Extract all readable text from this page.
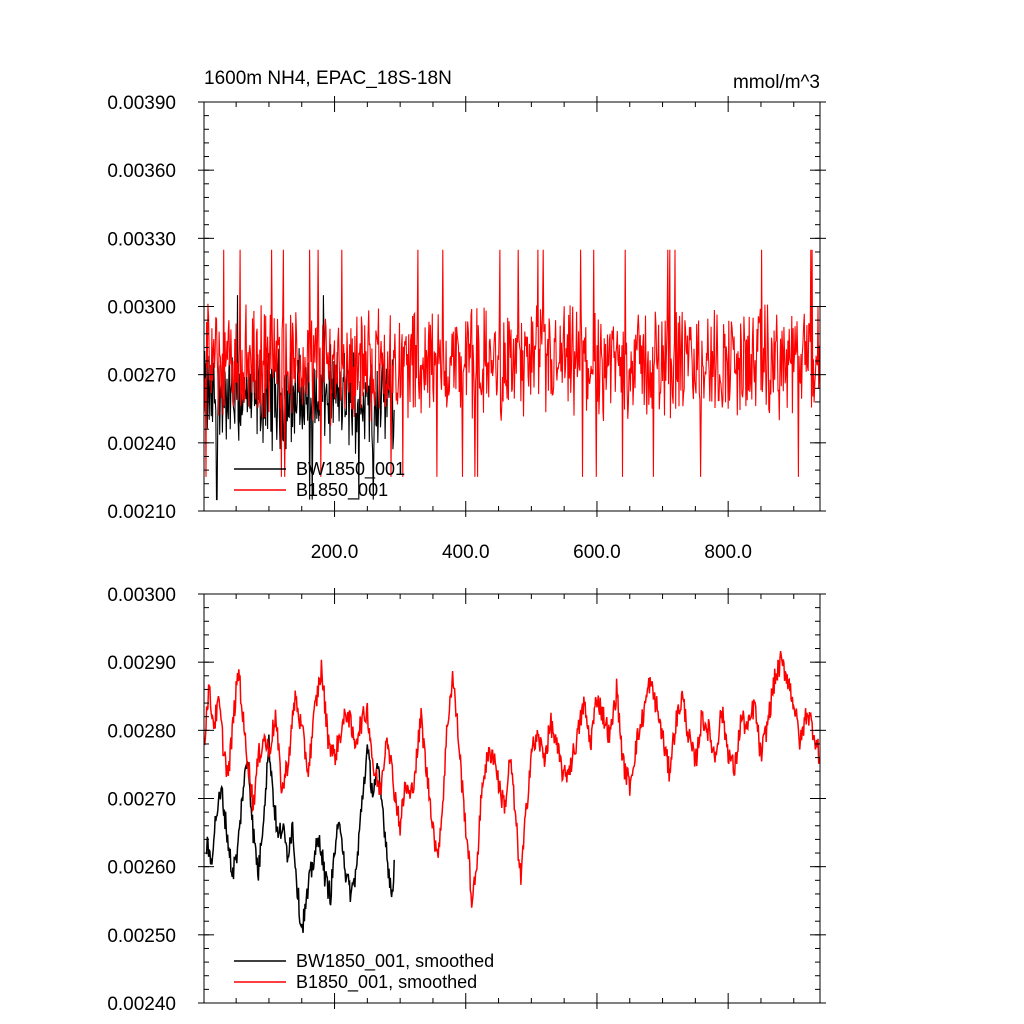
1600m NH4, EPAC_18S-18N	mmol/m^3
0.00210
0.00240
0.00270
0.00300
0.00330
0.00360
0.00390
200.0	400.0	600.0	800.0
BW1850_001
B1850_001
0.00240
0.00250
0.00260
0.00270
0.00280
0.00290
0.00300
BW1850_001, smoothed
B1850_001, smoothed
